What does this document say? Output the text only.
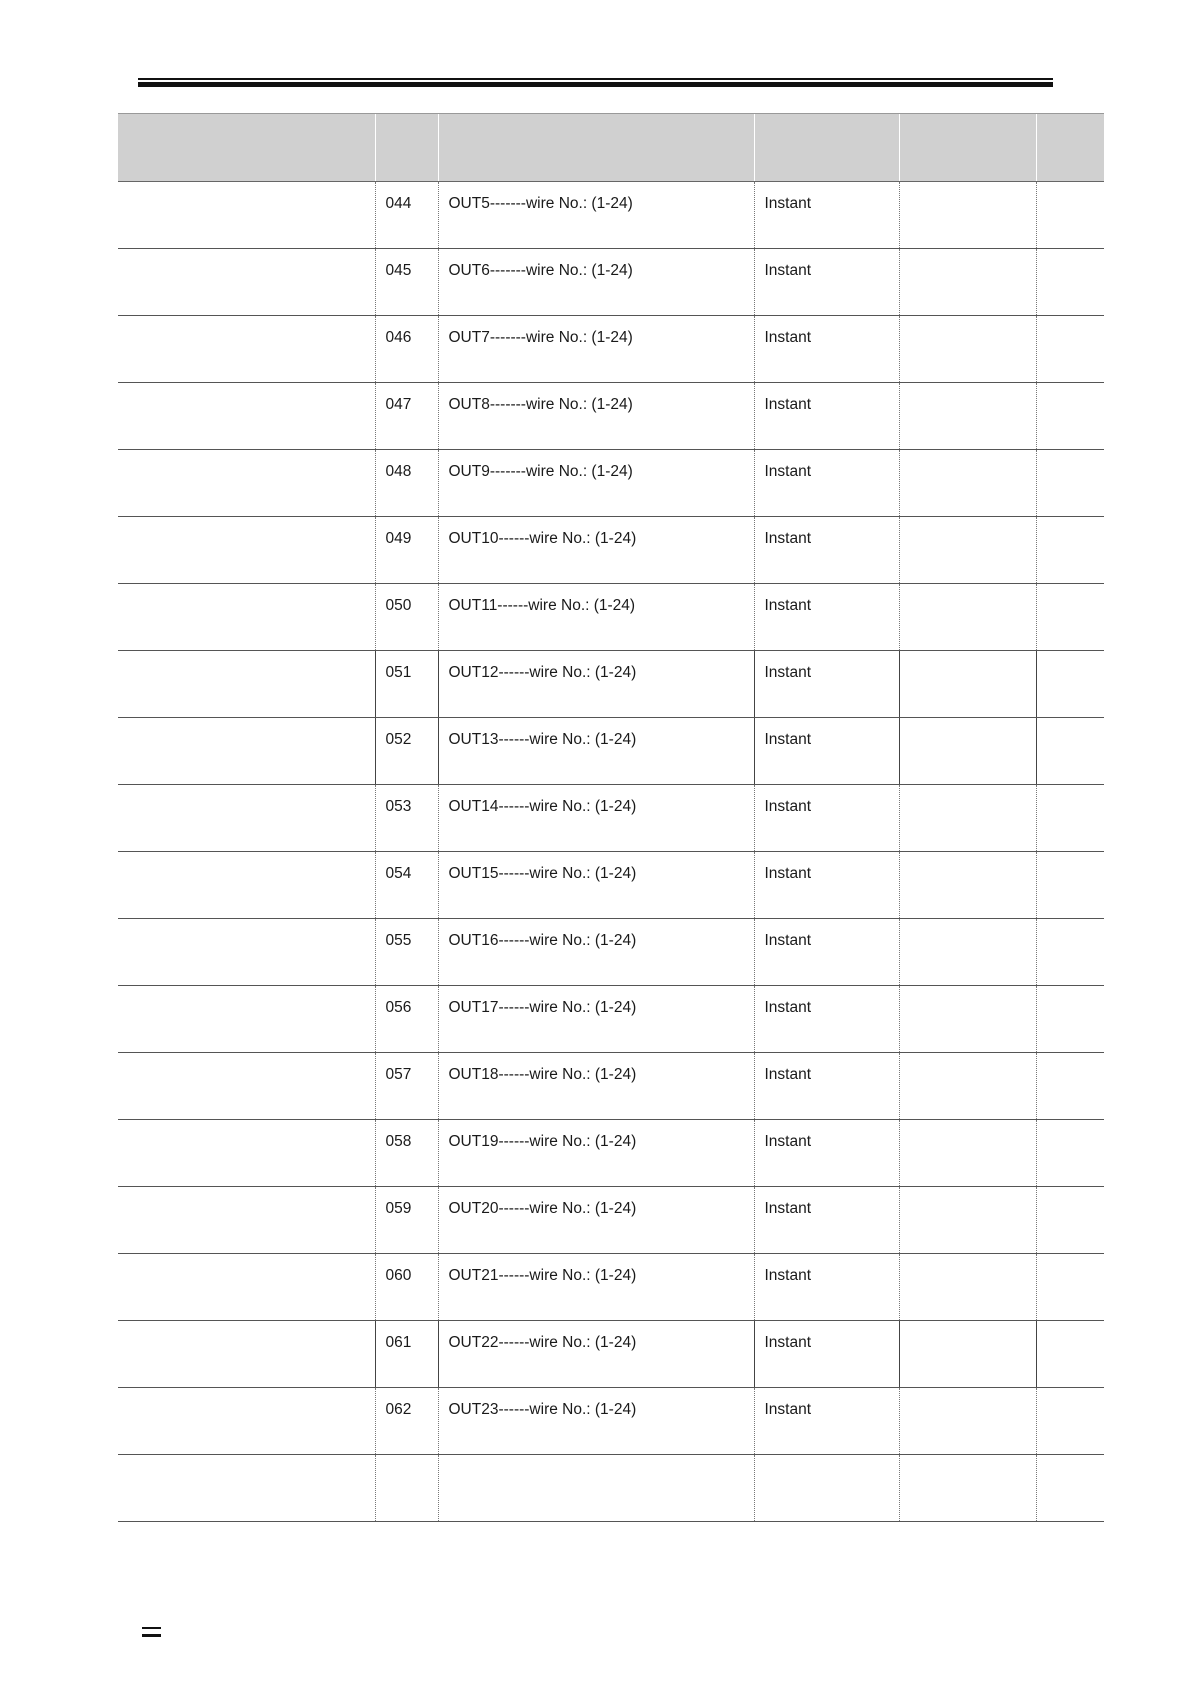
	044	OUT5-------wire No.: (1-24)	Instant		
	045	OUT6-------wire No.: (1-24)	Instant		
	046	OUT7-------wire No.: (1-24)	Instant		
	047	OUT8-------wire No.: (1-24)	Instant		
	048	OUT9-------wire No.: (1-24)	Instant		
	049	OUT10------wire No.: (1-24)	Instant		
	050	OUT11------wire No.: (1-24)	Instant		
	051	OUT12------wire No.: (1-24)	Instant		
	052	OUT13------wire No.: (1-24)	Instant		
	053	OUT14------wire No.: (1-24)	Instant		
	054	OUT15------wire No.: (1-24)	Instant		
	055	OUT16------wire No.: (1-24)	Instant		
	056	OUT17------wire No.: (1-24)	Instant		
	057	OUT18------wire No.: (1-24)	Instant		
	058	OUT19------wire No.: (1-24)	Instant		
	059	OUT20------wire No.: (1-24)	Instant		
	060	OUT21------wire No.: (1-24)	Instant		
	061	OUT22------wire No.: (1-24)	Instant		
	062	OUT23------wire No.: (1-24)	Instant		
